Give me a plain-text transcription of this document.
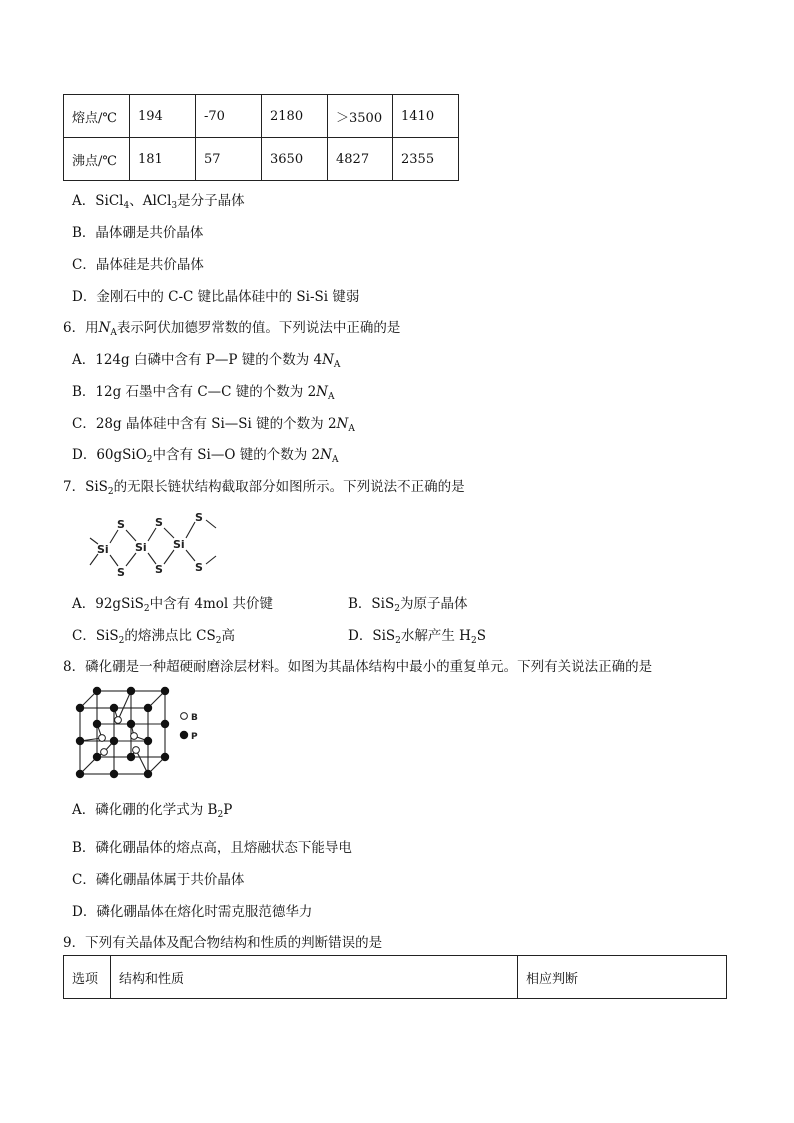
熔点/℃	194	-70	2180	＞3500	1410
沸点/℃	181	57	3650	4827	2355
A．SiCl$_4$、AlCl$_3$是分子晶体
B．晶体硼是共价晶体
C．晶体硅是共价晶体
D．金刚石中的 C-C 键比晶体硅中的 Si-Si 键弱
6．用$N_A$表示阿伏加德罗常数的值。下列说法中正确的是
A．124g 白磷中含有 P—P 键的个数为 $4N_A$
B．12g 石墨中含有 C—C 键的个数为 $2N_A$
C．28g 晶体硅中含有 Si—Si 键的个数为 $2N_A$
D．60gSiO$_2$中含有 Si—O 键的个数为 $2N_A$
7．SiS$_2$的无限长链状结构截取部分如图所示。下列说法不正确的是
Si Si Si
S
S
S
S
S
S
A．92gSiS$_2$中含有 4mol 共价键	B．SiS$_2$为原子晶体
C．SiS$_2$的熔沸点比 $CS_2$高	D．SiS$_2$水解产生 $H_2S$
8．磷化硼是一种超硬耐磨涂层材料。如图为其晶体结构中最小的重复单元。下列有关说法正确的是
B
P
A．磷化硼的化学式为 $B_2P$
B．磷化硼晶体的熔点高，且熔融状态下能导电
C．磷化硼晶体属于共价晶体
D．磷化硼晶体在熔化时需克服范德华力
9．下列有关晶体及配合物结构和性质的判断错误的是
选项	结构和性质	相应判断
